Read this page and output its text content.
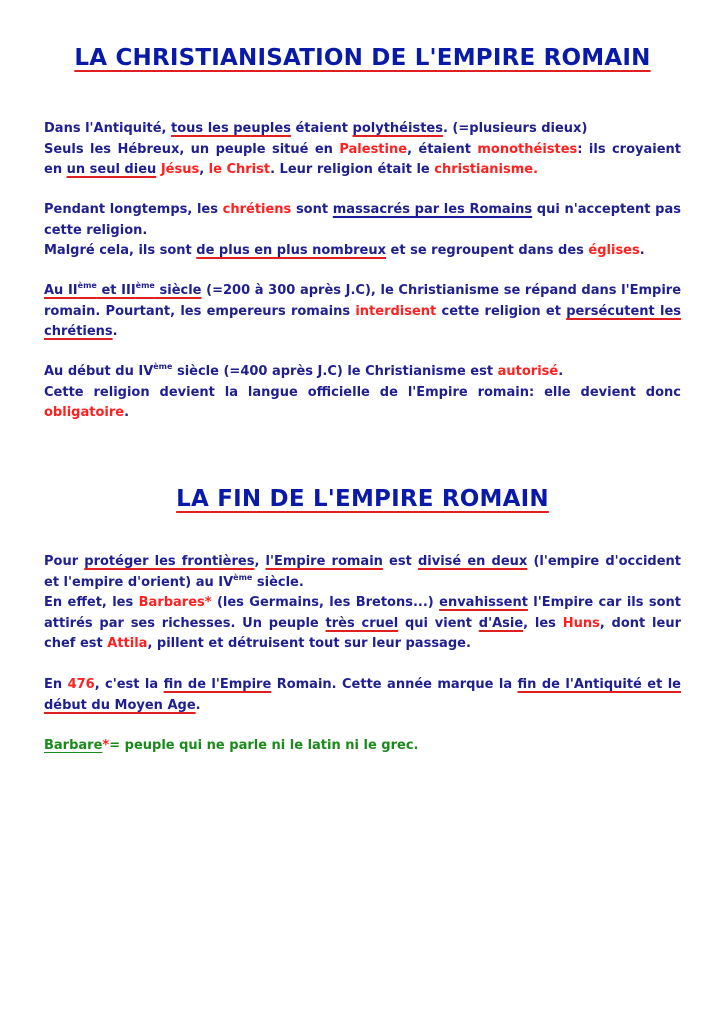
LA CHRISTIANISATION DE L'EMPIRE ROMAIN
Dans l'Antiquité, tous les peuples étaient polythéistes. (=plusieurs dieux)
Seuls les Hébreux, un peuple situé en Palestine, étaient monothéistes: ils croyaient en un seul dieu Jésus, le Christ. Leur religion était le christianisme.
Pendant longtemps, les chrétiens sont massacrés par les Romains qui n'acceptent pas cette religion.
Malgré cela, ils sont de plus en plus nombreux et se regroupent dans des églises.
Au IIème et IIIème siècle (=200 à 300 après J.C), le Christianisme se répand dans l'Empire romain. Pourtant, les empereurs romains interdisent cette religion et persécutent les chrétiens.
Au début du IVème siècle (=400 après J.C) le Christianisme est autorisé.
Cette religion devient la langue officielle de l'Empire romain: elle devient donc obligatoire.
LA FIN DE L'EMPIRE ROMAIN
Pour protéger les frontières, l'Empire romain est divisé en deux (l'empire d'occident et l'empire d'orient) au IVème siècle.
En effet, les Barbares* (les Germains, les Bretons...) envahissent l'Empire car ils sont attirés par ses richesses. Un peuple très cruel qui vient d'Asie, les Huns, dont leur chef est Attila, pillent et détruisent tout sur leur passage.
En 476, c'est la fin de l'Empire Romain. Cette année marque la fin de l'Antiquité et le début du Moyen Age.
Barbare*= peuple qui ne parle ni le latin ni le grec.
